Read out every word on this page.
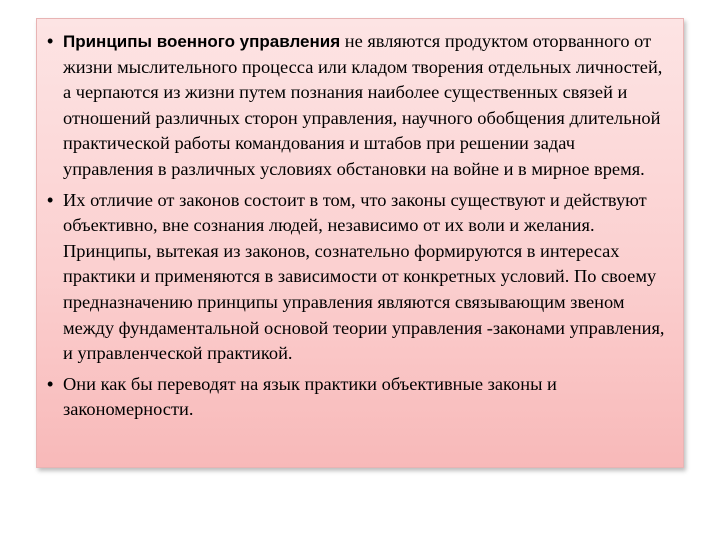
• Принципы военного управления не являются продуктом оторванного от жизни мыслительного процесса или кладом творения отдельных личностей, а черпаются из жизни путем познания наиболее существенных связей и отношений различных сторон управления, научного обобщения длительной практической работы командования и штабов при решении задач управления в различных условиях обстановки на войне и в мирное время.
• Их отличие от законов состоит в том, что законы существуют и действуют объективно, вне сознания людей, независимо от их воли и желания. Принципы, вытекая из законов, сознательно формируются в интересах практики и применяются в зависимости от конкретных условий. По своему предназначению принципы управления являются связывающим звеном между фундаментальной основой теории управления -законами управления, и управленческой практикой.
• Они как бы переводят на язык практики объективные законы и закономерности.
